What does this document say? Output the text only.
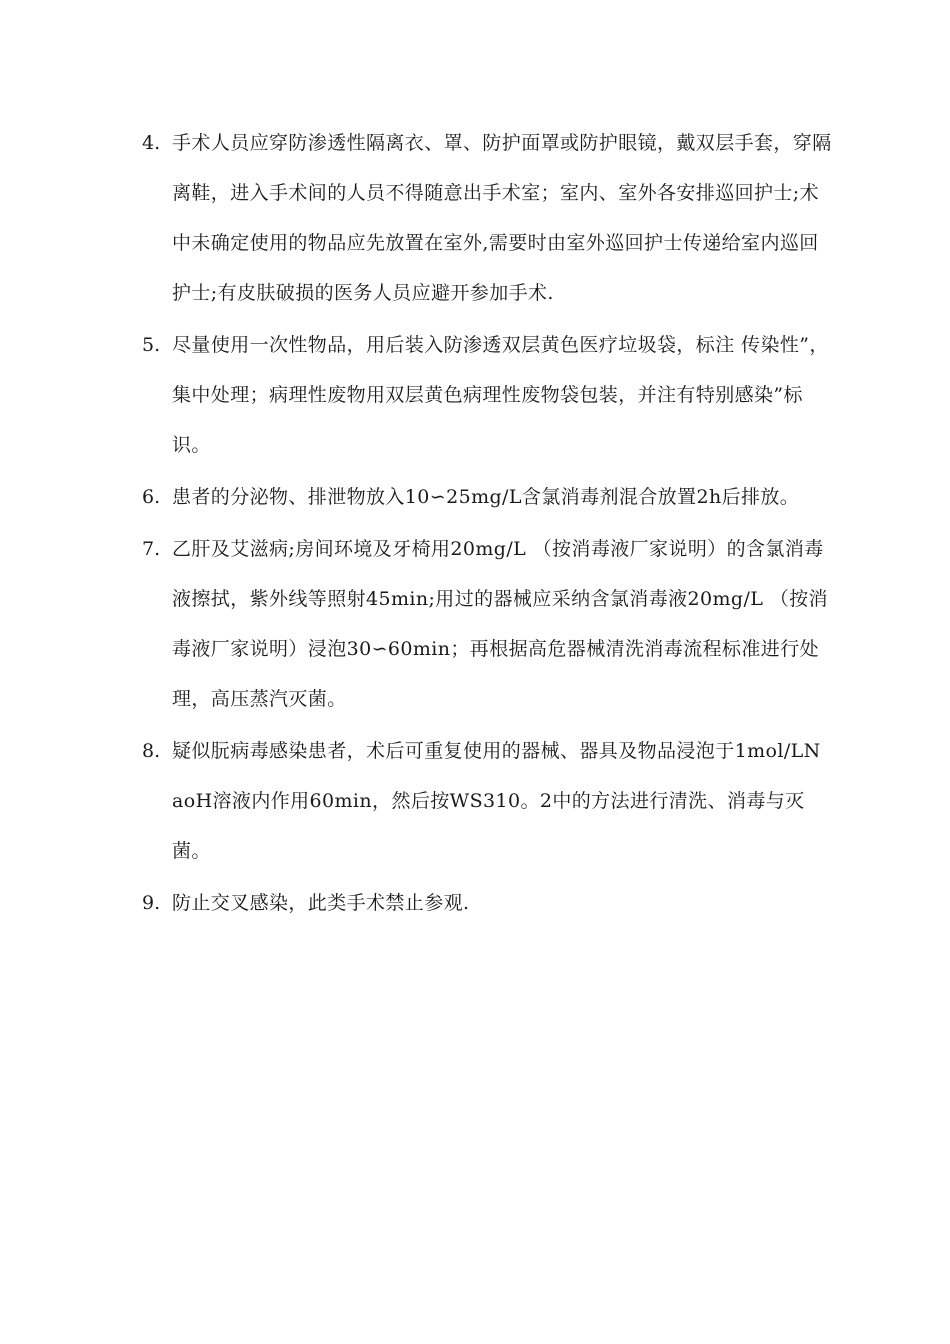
4. 手术人员应穿防渗透性隔离衣、罩、防护面罩或防护眼镜，戴双层手套，穿隔离鞋，进入手术间的人员不得随意出手术室；室内、室外各安排巡回护士;术中未确定使用的物品应先放置在室外,需要时由室外巡回护士传递给室内巡回护士;有皮肤破损的医务人员应避开参加手术.
5. 尽量使用一次性物品，用后装入防渗透双层黄色医疗垃圾袋，标注 传染性”，集中处理；病理性废物用双层黄色病理性废物袋包装，并注有特别感染”标识。
6. 患者的分泌物、排泄物放入10∽25mg/L含氯消毒剂混合放置2h后排放。
7. 乙肝及艾滋病;房间环境及牙椅用20mg/L （按消毒液厂家说明）的含氯消毒液擦拭，紫外线等照射45min;用过的器械应采纳含氯消毒液20mg/L （按消毒液厂家说明）浸泡30∽60min；再根据高危器械清洗消毒流程标准进行处理，高压蒸汽灭菌。
8. 疑似朊病毒感染患者，术后可重复使用的器械、器具及物品浸泡于1mol/LNaoH溶液内作用60min，然后按WS310。2中的方法进行清洗、消毒与灭菌。
9. 防止交叉感染，此类手术禁止参观.
